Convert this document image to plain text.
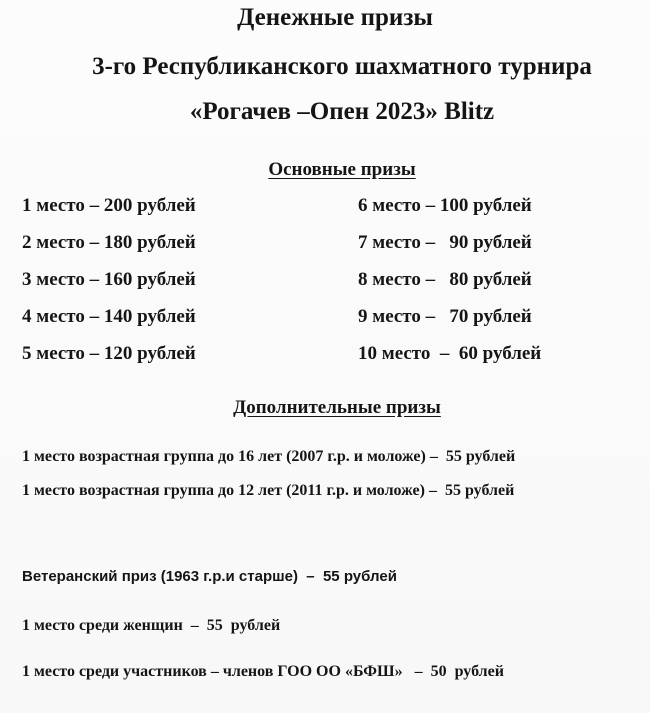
Денежные призы
3-го Республиканского шахматного турнира
«Рогачев –Опен 2023» Blitz
Основные призы
1 место – 200 рублей
2 место – 180 рублей
3 место – 160 рублей
4 место – 140 рублей
5 место – 120 рублей
6 место – 100 рублей
7 место –   90 рублей
8 место –   80 рублей
9 место –   70 рублей
10 место  –  60 рублей
Дополнительные призы
1 место возрастная группа до 16 лет (2007 г.р. и моложе) –  55 рублей
1 место возрастная группа до 12 лет (2011 г.р. и моложе) –  55 рублей
Ветеранский приз (1963 г.р.и старше)  –  55 рублей
1 место среди женщин  –  55  рублей
1 место среди участников – членов ГОО ОО «БФШ»   –  50  рублей
